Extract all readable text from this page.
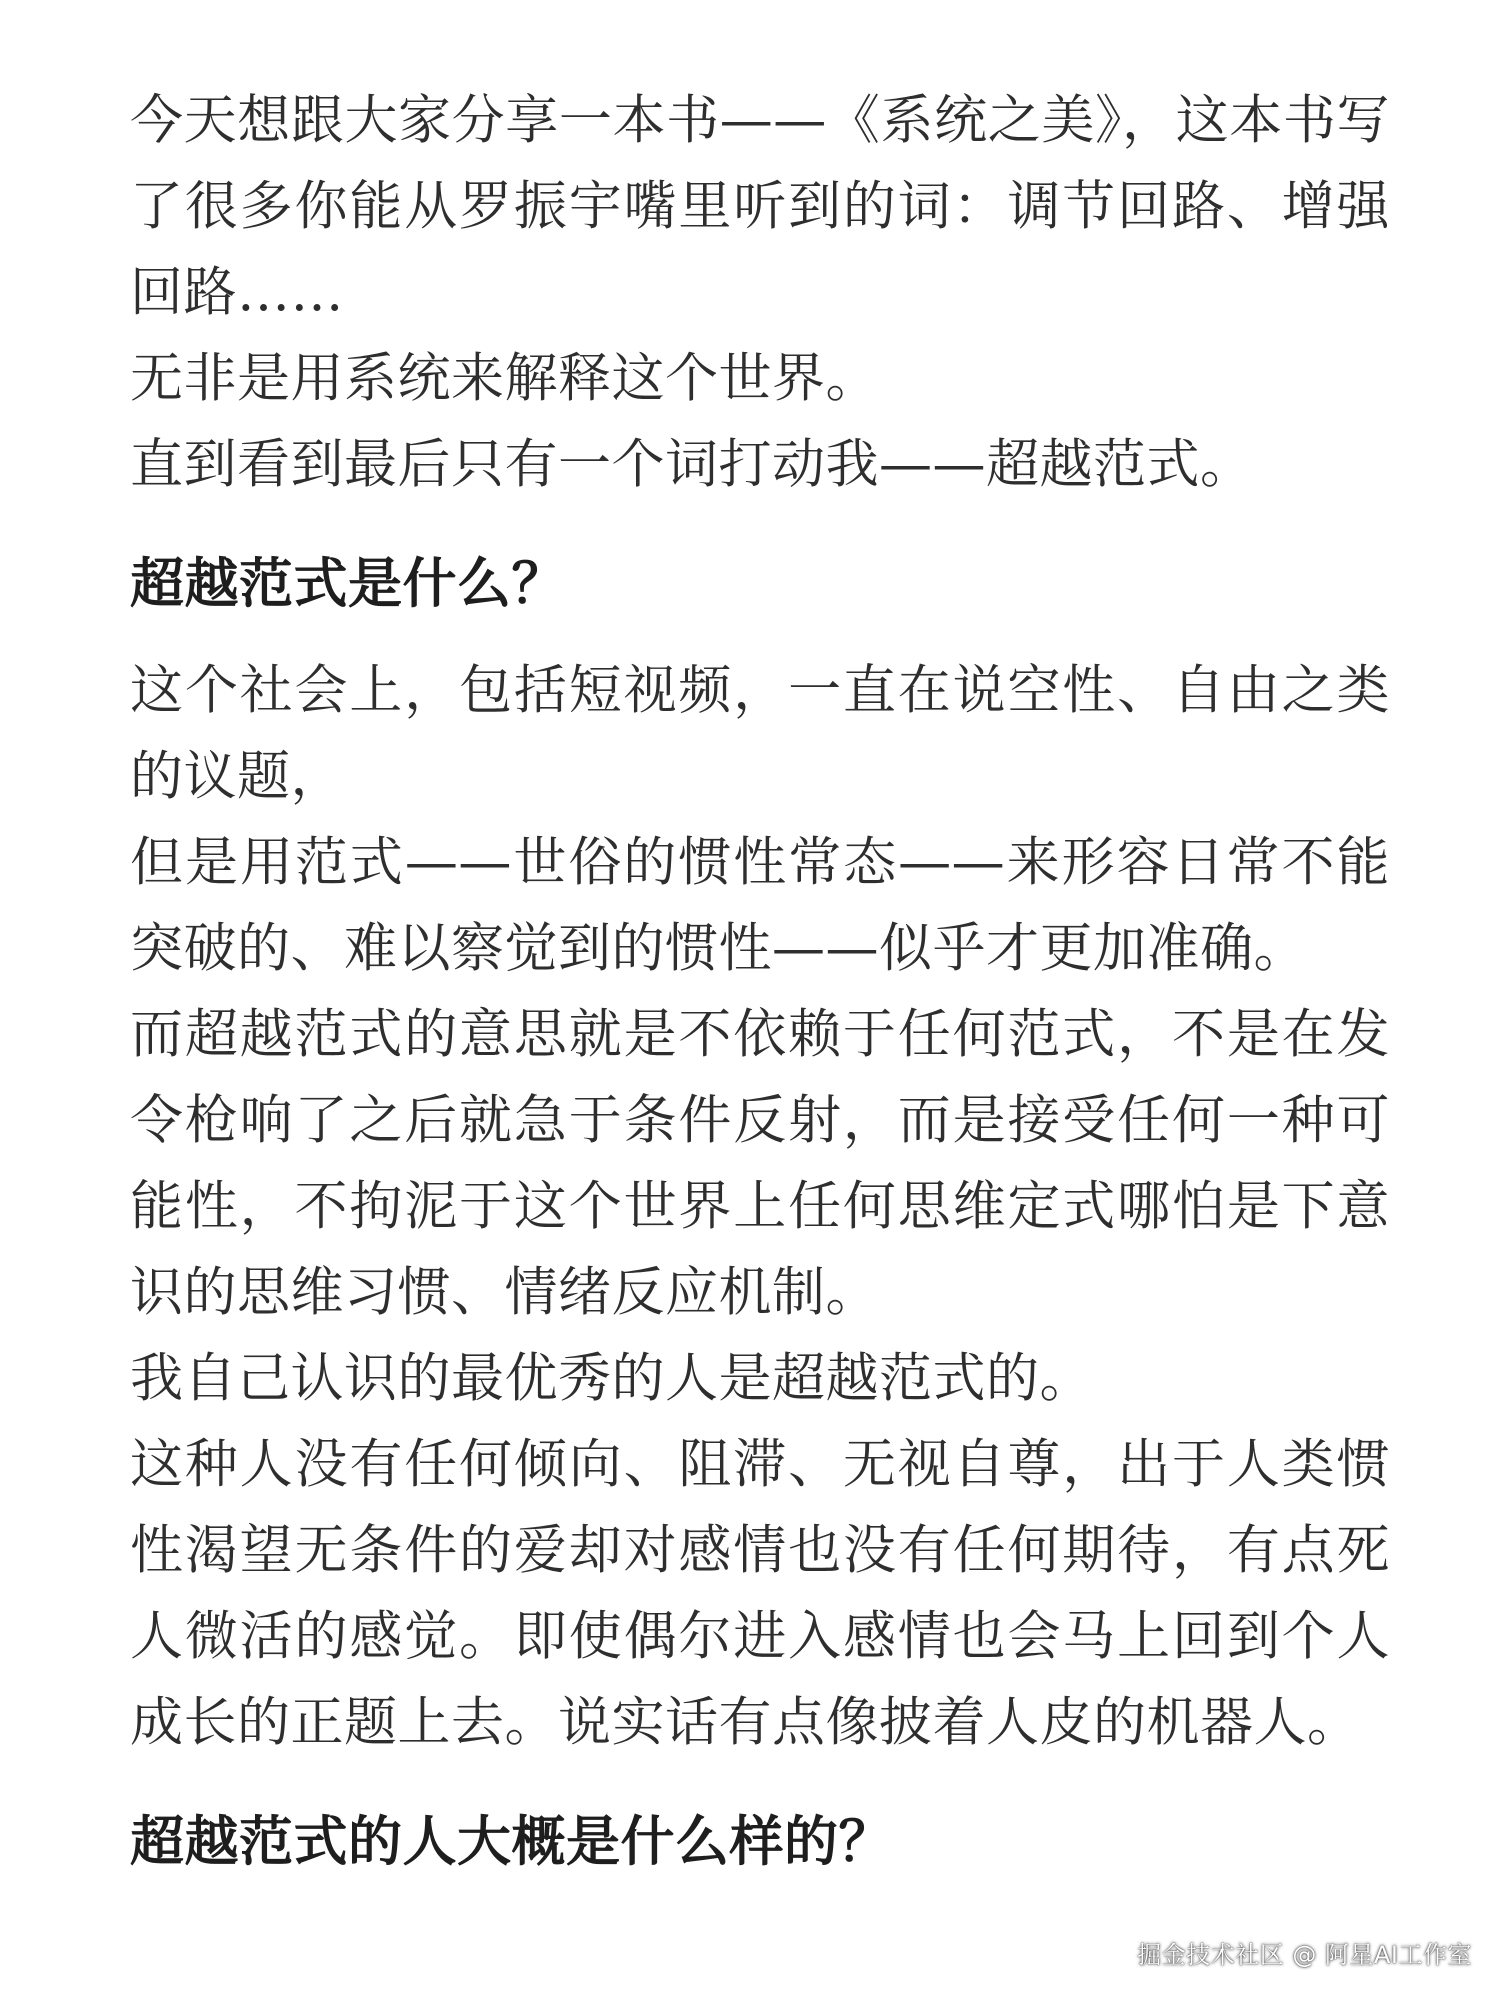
今天想跟大家分享一本书——《系统之美》，这本书写了很多你能从罗振宇嘴里听到的词：调节回路、增强回路……

无非是用系统来解释这个世界。

直到看到最后只有一个词打动我——超越范式。

超越范式是什么？

这个社会上，包括短视频，一直在说空性、自由之类的议题，

但是用范式——世俗的惯性常态——来形容日常不能突破的、难以察觉到的惯性——似乎才更加准确。

而超越范式的意思就是不依赖于任何范式，不是在发令枪响了之后就急于条件反射，而是接受任何一种可能性，不拘泥于这个世界上任何思维定式哪怕是下意识的思维习惯、情绪反应机制。

我自己认识的最优秀的人是超越范式的。

这种人没有任何倾向、阻滞、无视自尊，出于人类惯性渴望无条件的爱却对感情也没有任何期待，有点死人微活的感觉。即使偶尔进入感情也会马上回到个人成长的正题上去。说实话有点像披着人皮的机器人。

超越范式的人大概是什么样的？
掘金技术社区 @ 阿星AI工作室
